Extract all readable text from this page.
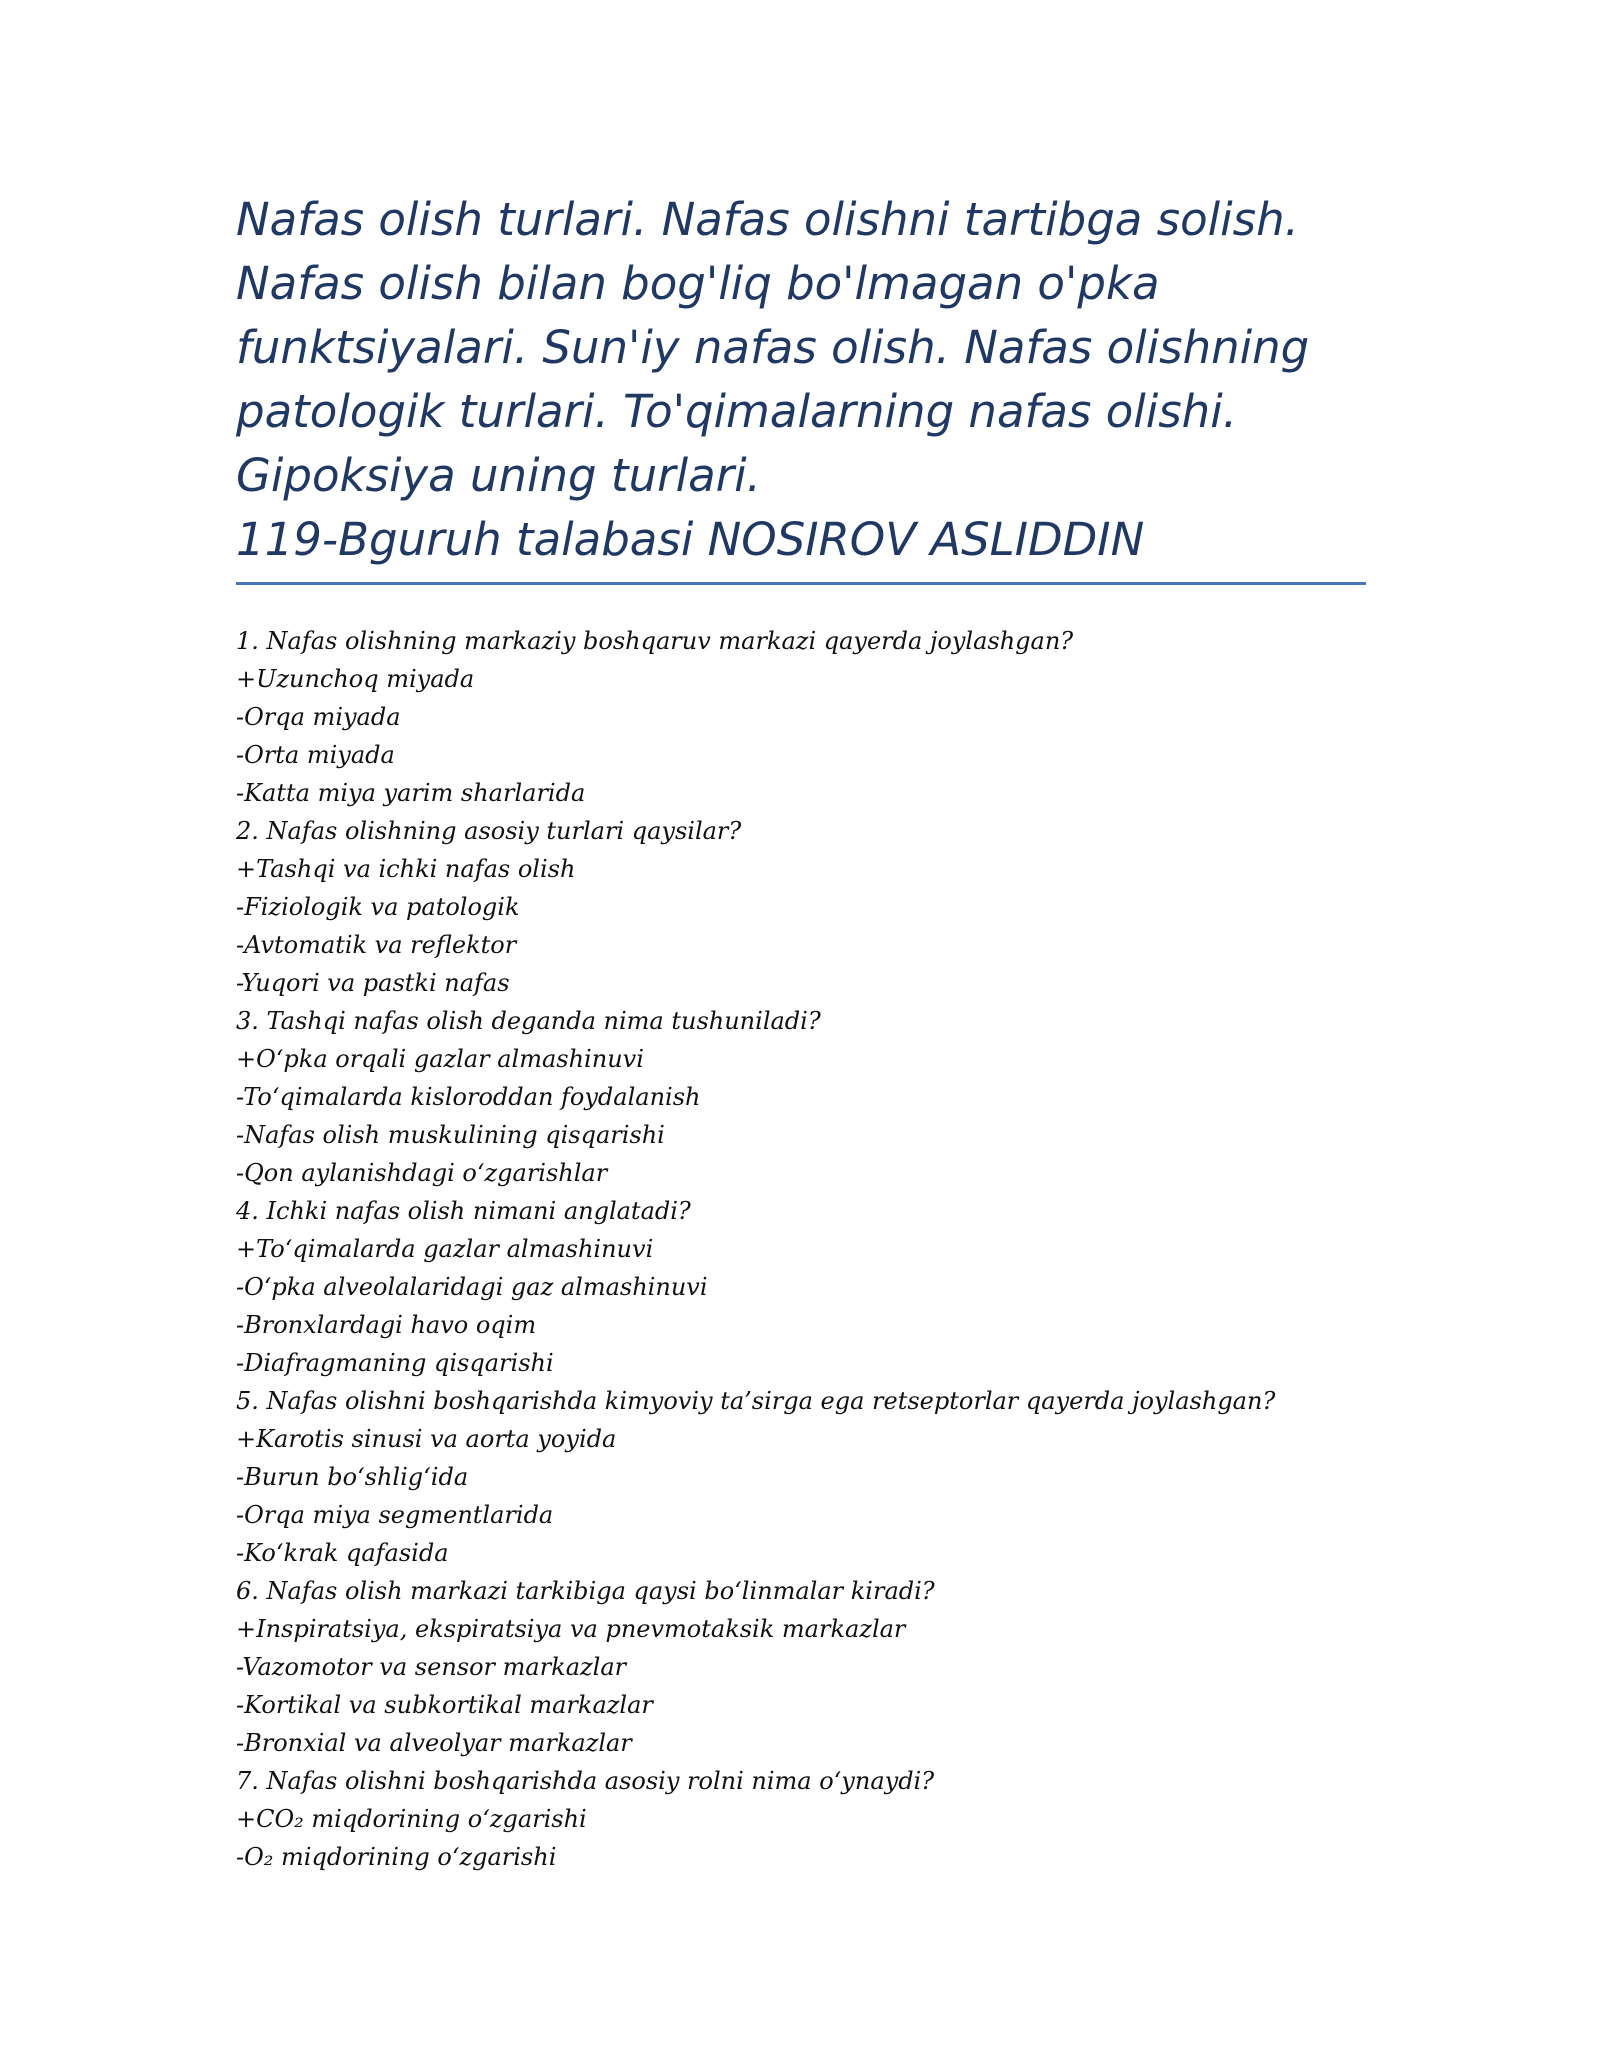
Nafas olish turlari. Nafas olishni tartibga solish.

Nafas olish bilan bog'liq bo'lmagan o'pka

funktsiyalari. Sun'iy nafas olish. Nafas olishning

patologik turlari. To'qimalarning nafas olishi.

Gipoksiya uning turlari.

119-Bguruh talabasi NOSIROV ASLIDDIN

1. Nafas olishning markaziy boshqaruv markazi qayerda joylashgan?
+Uzunchoq miyada
-Orqa miyada
-Orta miyada
-Katta miya yarim sharlarida
2. Nafas olishning asosiy turlari qaysilar?
+Tashqi va ichki nafas olish
-Fiziologik va patologik
-Avtomatik va reflektor
-Yuqori va pastki nafas
3. Tashqi nafas olish deganda nima tushuniladi?
+O‘pka orqali gazlar almashinuvi
-To‘qimalarda kisloroddan foydalanish
-Nafas olish muskulining qisqarishi
-Qon aylanishdagi o‘zgarishlar
4. Ichki nafas olish nimani anglatadi?
+To‘qimalarda gazlar almashinuvi
-O‘pka alveolalaridagi gaz almashinuvi
-Bronxlardagi havo oqim
-Diafragmaning qisqarishi
5. Nafas olishni boshqarishda kimyoviy ta’sirga ega retseptorlar qayerda joylashgan?
+Karotis sinusi va aorta yoyida
-Burun bo‘shlig‘ida
-Orqa miya segmentlarida
-Ko‘krak qafasida
6. Nafas olish markazi tarkibiga qaysi bo‘linmalar kiradi?
+Inspiratsiya, ekspiratsiya va pnevmotaksik markazlar
-Vazomotor va sensor markazlar
-Kortikal va subkortikal markazlar
-Bronxial va alveolyar markazlar
7. Nafas olishni boshqarishda asosiy rolni nima o‘ynaydi?
+CO₂ miqdorining o‘zgarishi
-O₂ miqdorining o‘zgarishi
